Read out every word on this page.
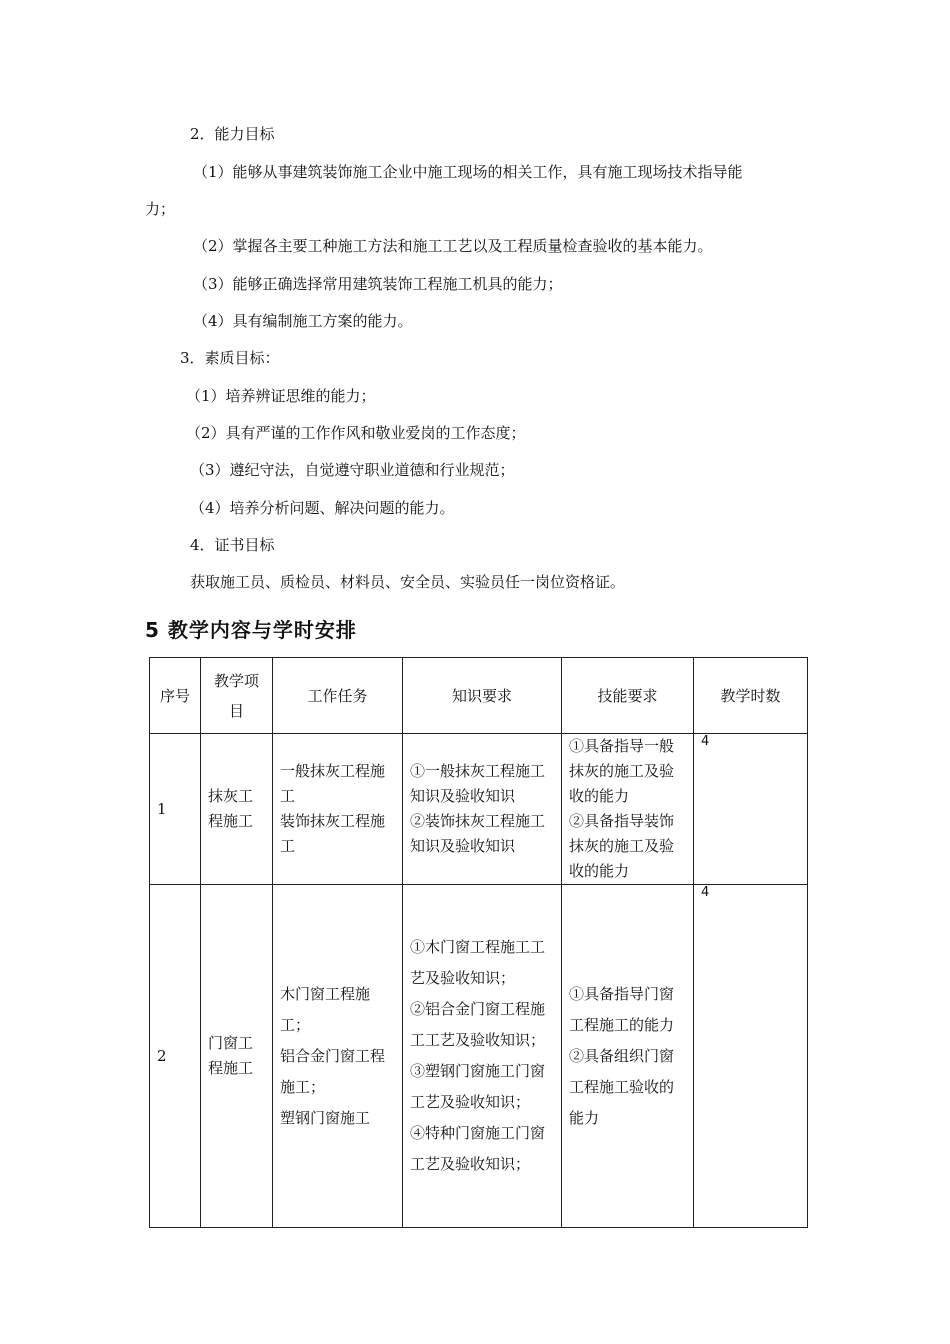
2．能力目标
（1）能够从事建筑装饰施工企业中施工现场的相关工作，具有施工现场技术指导能
力；
（2）掌握各主要工种施工方法和施工工艺以及工程质量检查验收的基本能力。
（3）能够正确选择常用建筑装饰工程施工机具的能力；
（4）具有编制施工方案的能力。
3．素质目标：
（1）培养辨证思维的能力；
（2）具有严谨的工作作风和敬业爱岗的工作态度；
（3）遵纪守法，自觉遵守职业道德和行业规范；
（4）培养分析问题、解决问题的能力。
4．证书目标
获取施工员、质检员、材料员、安全员、实验员任一岗位资格证。
5 教学内容与学时安排
序号	教学项目	工作任务	知识要求	技能要求	教学时数
1	抹灰工程施工	一般抹灰工程施工
装饰抹灰工程施工	①一般抹灰工程施工知识及验收知识
②装饰抹灰工程施工知识及验收知识	①具备指导一般抹灰的施工及验收的能力
②具备指导装饰抹灰的施工及验收的能力	4
2	门窗工程施工	木门窗工程施工；
铝合金门窗工程施工；
塑钢门窗施工	①木门窗工程施工工艺及验收知识；
②铝合金门窗工程施工工艺及验收知识；
③塑钢门窗施工门窗工艺及验收知识；
④特种门窗施工门窗工艺及验收知识；	①具备指导门窗工程施工的能力
②具备组织门窗工程施工验收的能力	4
